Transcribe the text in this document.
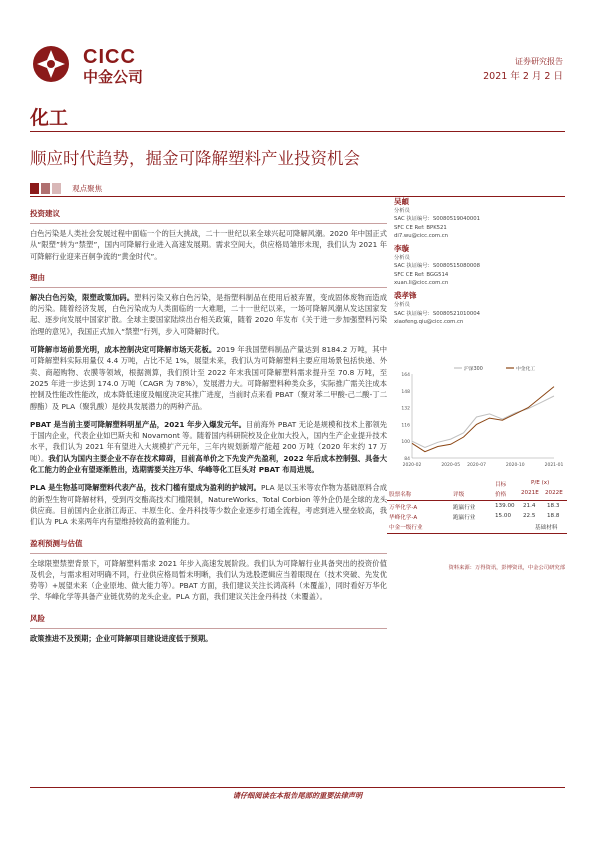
CICC
中金公司
证券研究报告
2021 年 2 月 2 日
化工
顺应时代趋势，掘金可降解塑料产业投资机会
观点聚焦
投资建议

白色污染是人类社会发展过程中面临一个的巨大挑战，二十一世纪以来全球兴起可降解风潮。2020 年中国正式从“限塑”转为“禁塑”，国内可降解行业进入高速发展期。需求空间大，供应格局雏形未现，我们认为 2021 年可降解行业迎来百舸争流的“黄金时代”。

理由

解决白色污染，限塑政策加码。塑料污染又称白色污染，是指塑料制品在使用后被弃置，变成固体废物而造成的污染。随着经济发展，白色污染成为人类面临的一大难题，二十一世纪以来，一场可降解风潮从发达国家发起、逐步向发展中国家扩散。全球主要国家陆续出台相关政策，随着 2020 年发布《关于进一步加强塑料污染治理的意见》，我国正式加入“禁塑”行列，步入可降解时代。

可降解市场前景光明，成本控制决定可降解市场天花板。2019 年我国塑料制品产量达到 8184.2 万吨，其中可降解塑料实际用量仅 4.4 万吨，占比不足 1%，展望未来，我们认为可降解塑料主要应用场景包括快递、外卖、商超购物、农膜等领域，根据测算，我们预计至 2022 年末我国可降解塑料需求提升至 70.8 万吨，至 2025 年进一步达到 174.0 万吨（CAGR 为 78%），发展潜力大。可降解塑料种类众多，实际推广需关注成本控制及性能改性能改，成本降低速度及幅度决定其推广进度，当前时点来看 PBAT（聚对苯二甲酸-己二酸-丁二醇酯）及 PLA（聚乳酸）是较具发展潜力的两种产品。

PBAT 是当前主要可降解塑料明星产品，2021 年步入爆发元年。目前海外 PBAT 无论是规模和技术上都领先于国内企业，代表企业如巴斯夫和 Novamont 等。随着国内科研院校及企业加大投入，国内生产企业提升技术水平，我们认为 2021 年有望进入大规模扩产元年，三年内规划新增产能超 200 万吨（2020 年末约 17 万吨）。我们认为国内主要企业不存在技术障碍，目前高单价之下先发产先盈利，2022 年后成本控制强、具备大化工能力的企业有望逐渐胜出，选期需要关注万华、华峰等化工巨头对 PBAT 布局进展。

PLA 是生物基可降解塑料代表产品，技术门槛有望成为盈利的护城河。PLA 是以玉米等农作物为基础原料合成的新型生物可降解材料，受到丙交酯高技术门槛限制，NatureWorks、Total Corbion 等外企仍是全球的龙头供应商。目前国内企业浙江海正、丰原生化、金丹科技等少数企业逐步打通全流程，考虑到进入壁垒较高，我们认为 PLA 未来两年内有望维持较高的盈利能力。

盈利预测与估值

全球限塑禁塑背景下，可降解塑料需求 2021 年步入高速发展阶段。我们认为可降解行业具备突出的投资价值及机会，与需求相对明确不同，行业供应格局暂未明晰，我们认为选股逻辑应当着眼现在（技术突破、先发优势等）+展望未来（企业原地、做大能力等）。PBAT 方面，我们建议关注长鸿高科（未覆盖），同时看好万华化学、华峰化学等具备产业链优势的龙头企业。PLA 方面，我们建议关注金丹科技（未覆盖）。

风险

政策推进不及预期；企业可降解项目建设进度低于预期。

吴頔
分析员
SAC 执证编号：S0080519040001
SFC CE Ref: BPK521
di7.wu@cicc.com.cn
李璇
分析员
SAC 执证编号：S0080515080008
SFC CE Ref: BGG514
xuan.li@cicc.com.cn
裘孝锋
分析员
SAC 执证编号：S0080521010004
xiaofeng.qiu@cicc.com.cn
84
100
116
132
148
164
2020-02	2020-05 2020-07	2020-10	2021-01
沪深300	中金化工
目标	P/E (x)
股票名称	评级	价格	2021E 2022E
万华化学-A	跑赢行业	139.00 21.4 18.3
华峰化学-A	跑赢行业	15.00 22.5 18.8
中金一级行业	基础材料
资料来源：万得资讯，彭博资讯，中金公司研究部
请仔细阅读在本报告尾部的重要法律声明
